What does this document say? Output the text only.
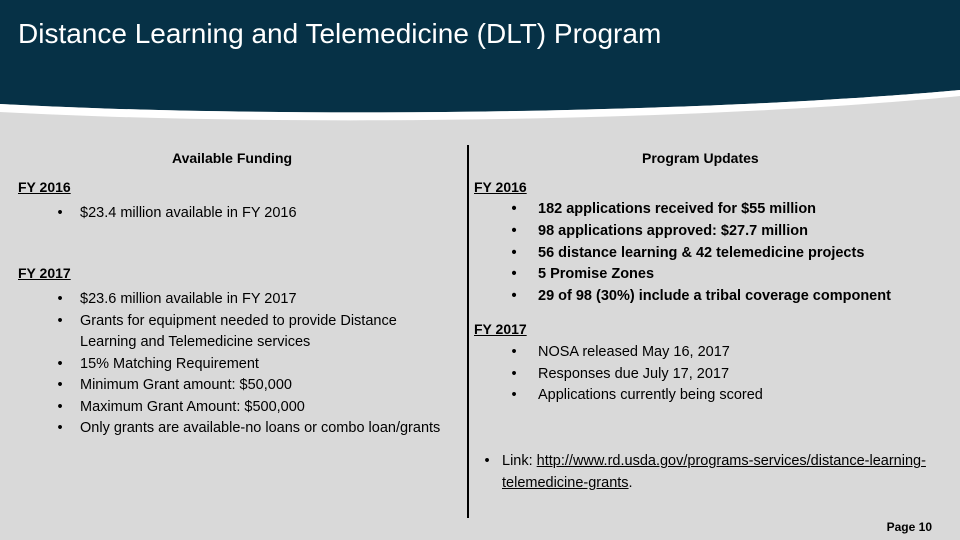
Distance Learning and Telemedicine (DLT) Program
Available Funding	Program Updates
FY 2016
•	$23.4 million available in FY 2016
FY 2017
•	$23.6 million available in FY 2017
•	Grants for equipment needed to provide Distance Learning and Telemedicine services
•	15% Matching Requirement
•	Minimum Grant amount: $50,000
•	Maximum Grant Amount: $500,000
•	Only grants are available-no loans or combo loan/grants
FY 2016
•	182 applications received for $55 million
•	98 applications approved: $27.7 million
•	56 distance learning & 42 telemedicine projects
•	5 Promise Zones
•	29 of 98 (30%) include a tribal coverage component
FY 2017
•	NOSA released May 16, 2017
•	Responses due July 17, 2017
•	Applications currently being scored
• Link: http://www.rd.usda.gov/programs-services/distance-learning-telemedicine-grants.
Page 10
